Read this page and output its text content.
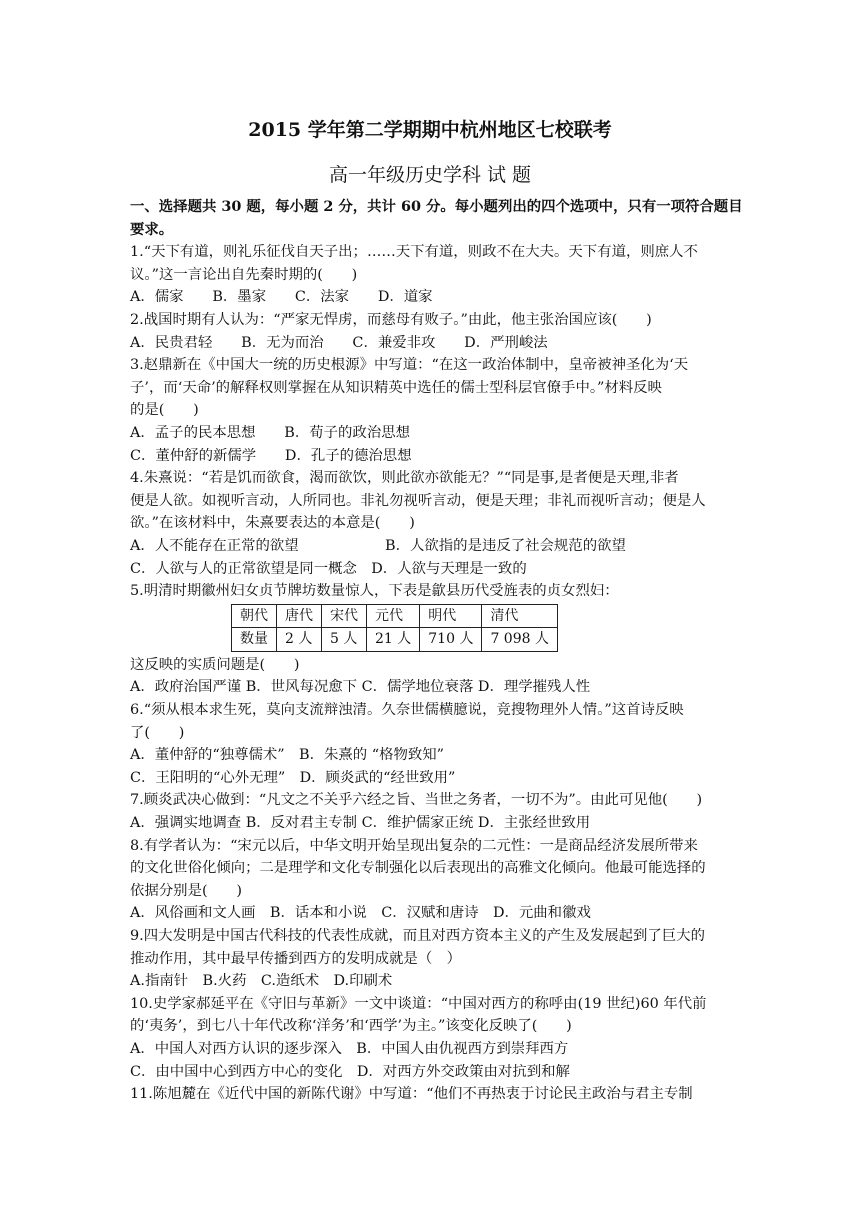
2015 学年第二学期期中杭州地区七校联考
高一年级历史学科 试 题
一、选择题共 30 题，每小题 2 分，共计 60 分。每小题列出的四个选项中，只有一项符合题目
要求。
1.“天下有道，则礼乐征伐自天子出；……天下有道，则政不在大夫。天下有道，则庶人不
议。”这一言论出自先秦时期的(　　)
A．儒家　　B．墨家　　C．法家　　D．道家
2.战国时期有人认为：“严家无悍虏，而慈母有败子。”由此，他主张治国应该(　　)
A．民贵君轻　　B．无为而治　　C．兼爱非攻　　D．严刑峻法
3.赵鼎新在《中国大一统的历史根源》中写道：“在这一政治体制中，皇帝被神圣化为‘天
子’，而‘天命’的解释权则掌握在从知识精英中选任的儒士型科层官僚手中。”材料反映
的是(　　)
A．孟子的民本思想　　B．荀子的政治思想
C．董仲舒的新儒学　　D．孔子的德治思想
4.朱熹说：“若是饥而欲食，渴而欲饮，则此欲亦欲能无？”“同是事,是者便是天理,非者
便是人欲。如视听言动，人所同也。非礼勿视听言动，便是天理；非礼而视听言动；便是人
欲。”在该材料中，朱熹要表达的本意是(　　)
A．人不能存在正常的欲望　　　　　　B．人欲指的是违反了社会规范的欲望
C．人欲与人的正常欲望是同一概念　D．人欲与天理是一致的
5.明清时期徽州妇女贞节牌坊数量惊人，下表是歙县历代受旌表的贞女烈妇：
朝代	唐代	宋代	元代	明代	清代
数量	2 人	5 人	21 人	710 人	7 098 人
这反映的实质问题是(　　)
A．政府治国严谨 B．世风每况愈下 C．儒学地位衰落 D．理学摧残人性
6.“须从根本求生死，莫向支流辩浊清。久奈世儒横臆说，竞搜物理外人情。”这首诗反映
了(　　)
A．董仲舒的“独尊儒术”　B．朱熹的 “格物致知”
C．王阳明的“心外无理”　D．顾炎武的“经世致用”
7.顾炎武决心做到：“凡文之不关乎六经之旨、当世之务者，一切不为”。由此可见他(　　)
A．强调实地调查 B．反对君主专制 C．维护儒家正统 D．主张经世致用
8.有学者认为：“宋元以后，中华文明开始呈现出复杂的二元性：一是商品经济发展所带来
的文化世俗化倾向；二是理学和文化专制强化以后表现出的高雅文化倾向。他最可能选择的
依据分别是(　　)
A．风俗画和文人画　B．话本和小说　C．汉赋和唐诗　D．元曲和徽戏
9.四大发明是中国古代科技的代表性成就，而且对西方资本主义的产生及发展起到了巨大的
推动作用，其中最早传播到西方的发明成就是（　）
A.指南针　B.火药　C.造纸术　D.印刷术
10.史学家郝延平在《守旧与革新》一文中谈道：“中国对西方的称呼由(19 世纪)60 年代前
的‘夷务’，到七八十年代改称‘洋务’和‘西学’为主。”该变化反映了(　　)
A．中国人对西方认识的逐步深入　B．中国人由仇视西方到崇拜西方
C．由中国中心到西方中心的变化　D．对西方外交政策由对抗到和解
11.陈旭麓在《近代中国的新陈代谢》中写道：“他们不再热衷于讨论民主政治与君主专制
